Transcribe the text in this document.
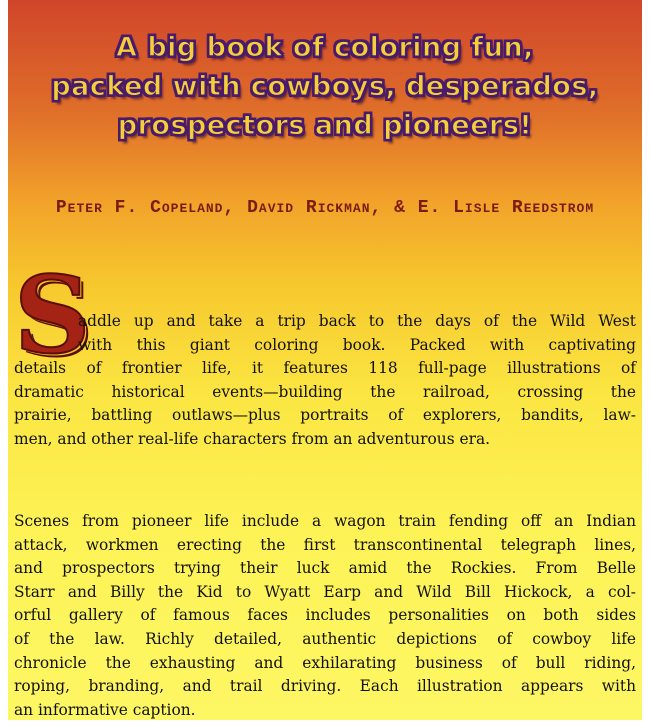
A big book of coloring fun,
packed with cowboys, desperados,
prospectors and pioneers!

Peter F. Copeland, David Rickman, & E. Lisle Reedstrom

S

addle up and take a trip back to the days of the Wild West
with this giant coloring book. Packed with captivating
details of frontier life, it features 118 full-page illustrations of
dramatic historical events—building the railroad, crossing the
prairie, battling outlaws—plus portraits of explorers, bandits, law-
men, and other real-life characters from an adventurous era.

Scenes from pioneer life include a wagon train fending off an Indian
attack, workmen erecting the first transcontinental telegraph lines,
and prospectors trying their luck amid the Rockies. From Belle
Starr and Billy the Kid to Wyatt Earp and Wild Bill Hickock, a col-
orful gallery of famous faces includes personalities on both sides
of the law. Richly detailed, authentic depictions of cowboy life
chronicle the exhausting and exhilarating business of bull riding,
roping, branding, and trail driving. Each illustration appears with
an informative caption.
